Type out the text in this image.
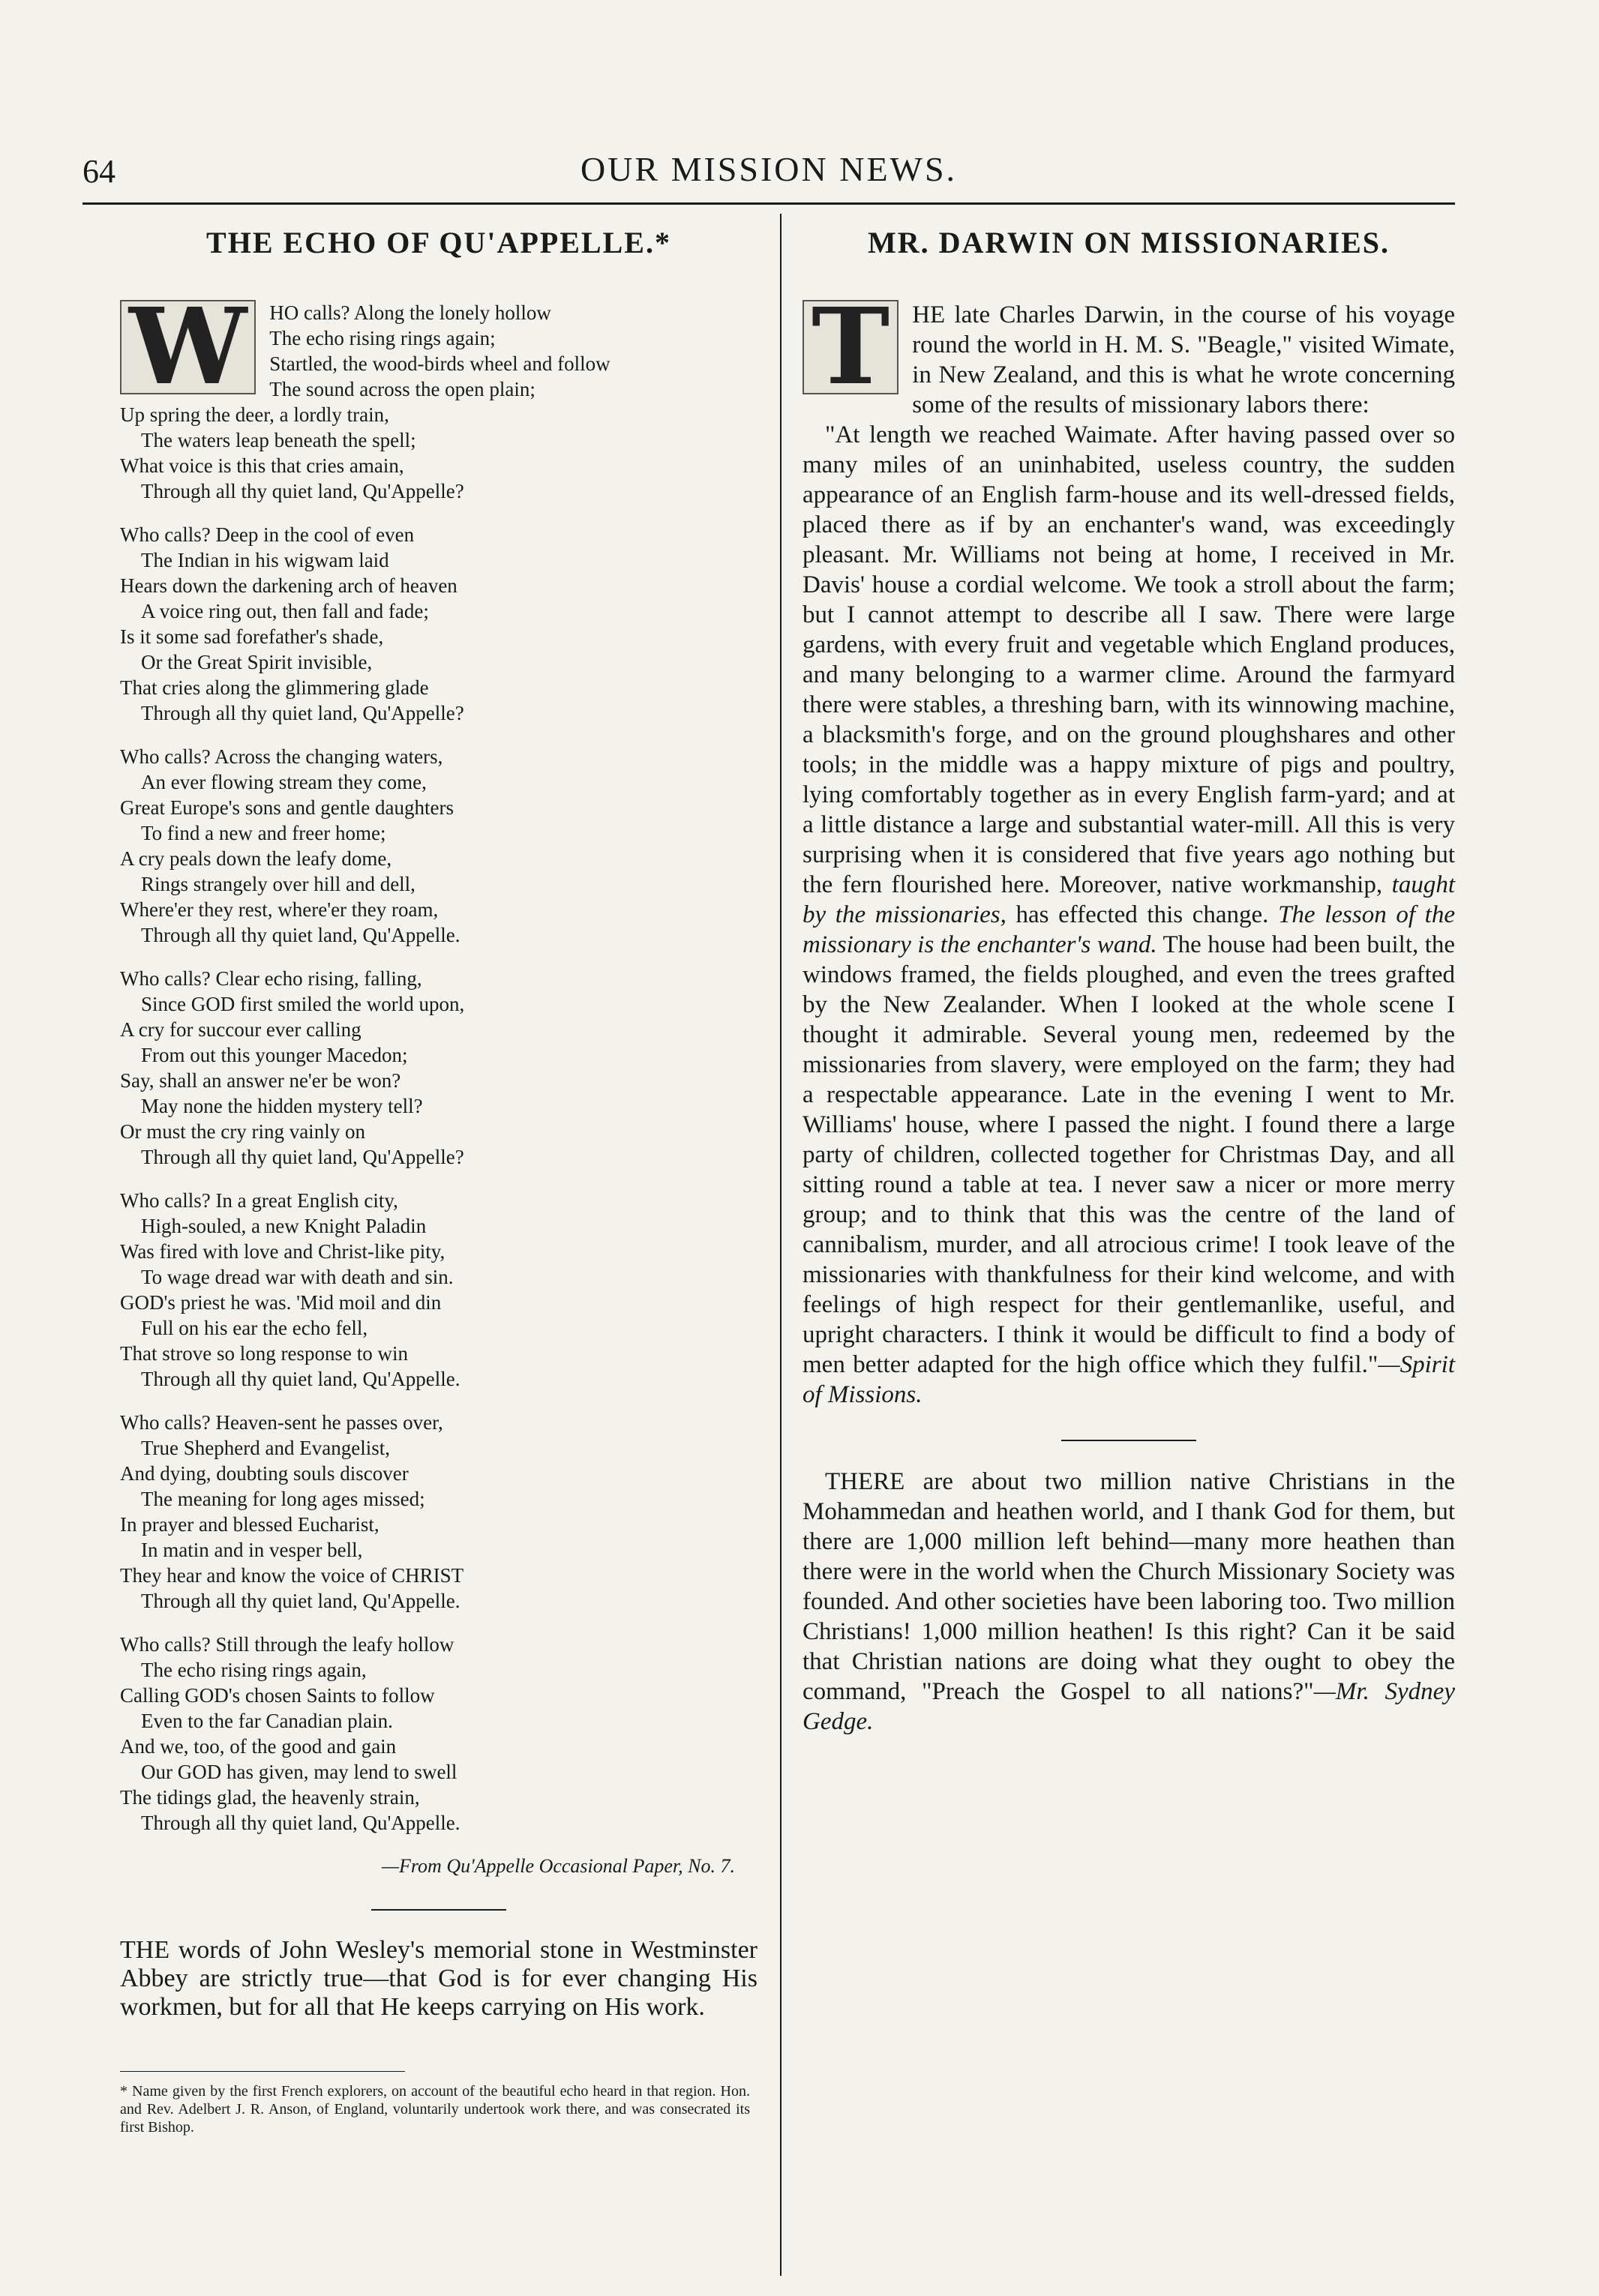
64	OUR MISSION NEWS.
THE ECHO OF QU'APPELLE.*
W	HO calls? Along the lonely hollow
The echo rising rings again;
Startled, the wood-birds wheel and follow
The sound across the open plain;
Up spring the deer, a lordly train,
The waters leap beneath the spell;
What voice is this that cries amain,
Through all thy quiet land, Qu'Appelle?
Who calls? Deep in the cool of even
The Indian in his wigwam laid
Hears down the darkening arch of heaven
A voice ring out, then fall and fade;
Is it some sad forefather's shade,
Or the Great Spirit invisible,
That cries along the glimmering glade
Through all thy quiet land, Qu'Appelle?
Who calls? Across the changing waters,
An ever flowing stream they come,
Great Europe's sons and gentle daughters
To find a new and freer home;
A cry peals down the leafy dome,
Rings strangely over hill and dell,
Where'er they rest, where'er they roam,
Through all thy quiet land, Qu'Appelle.
Who calls? Clear echo rising, falling,
Since GOD first smiled the world upon,
A cry for succour ever calling
From out this younger Macedon;
Say, shall an answer ne'er be won?
May none the hidden mystery tell?
Or must the cry ring vainly on
Through all thy quiet land, Qu'Appelle?
Who calls? In a great English city,
High-souled, a new Knight Paladin
Was fired with love and Christ-like pity,
To wage dread war with death and sin.
GOD's priest he was. 'Mid moil and din
Full on his ear the echo fell,
That strove so long response to win
Through all thy quiet land, Qu'Appelle.
Who calls? Heaven-sent he passes over,
True Shepherd and Evangelist,
And dying, doubting souls discover
The meaning for long ages missed;
In prayer and blessed Eucharist,
In matin and in vesper bell,
They hear and know the voice of CHRIST
Through all thy quiet land, Qu'Appelle.
Who calls? Still through the leafy hollow
The echo rising rings again,
Calling GOD's chosen Saints to follow
Even to the far Canadian plain.
And we, too, of the good and gain
Our GOD has given, may lend to swell
The tidings glad, the heavenly strain,
Through all thy quiet land, Qu'Appelle.
—From Qu'Appelle Occasional Paper, No. 7.

THE words of John Wesley's memorial stone in Westminster Abbey are strictly true—that God is for ever changing His workmen, but for all that He keeps carrying on His work.

* Name given by the first French explorers, on account of the beautiful echo heard in that region. Hon. and Rev. Adelbert J. R. Anson, of England, voluntarily undertook work there, and was consecrated its first Bishop.

MR. DARWIN ON MISSIONARIES.
T HE late Charles Darwin, in the course of his voyage round the world in H. M. S. "Beagle," visited Wimate, in New Zealand, and this is what he wrote concerning some of the results of missionary labors there:

"At length we reached Waimate. After having passed over so many miles of an uninhabited, useless country, the sudden appearance of an English farm-house and its well-dressed fields, placed there as if by an enchanter's wand, was exceedingly pleasant. Mr. Williams not being at home, I received in Mr. Davis' house a cordial welcome. We took a stroll about the farm; but I cannot attempt to describe all I saw. There were large gardens, with every fruit and vegetable which England produces, and many belonging to a warmer clime. Around the farmyard there were stables, a threshing barn, with its winnowing machine, a blacksmith's forge, and on the ground ploughshares and other tools; in the middle was a happy mixture of pigs and poultry, lying comfortably together as in every English farm-yard; and at a little distance a large and substantial water-mill. All this is very surprising when it is considered that five years ago nothing but the fern flourished here. Moreover, native workmanship, taught by the missionaries, has effected this change. The lesson of the missionary is the enchanter's wand. The house had been built, the windows framed, the fields ploughed, and even the trees grafted by the New Zealander. When I looked at the whole scene I thought it admirable. Several young men, redeemed by the missionaries from slavery, were employed on the farm; they had a respectable appearance. Late in the evening I went to Mr. Williams' house, where I passed the night. I found there a large party of children, collected together for Christmas Day, and all sitting round a table at tea. I never saw a nicer or more merry group; and to think that this was the centre of the land of cannibalism, murder, and all atrocious crime! I took leave of the missionaries with thankfulness for their kind welcome, and with feelings of high respect for their gentlemanlike, useful, and upright characters. I think it would be difficult to find a body of men better adapted for the high office which they fulfil."—Spirit of Missions.

THERE are about two million native Christians in the Mohammedan and heathen world, and I thank God for them, but there are 1,000 million left behind—many more heathen than there were in the world when the Church Missionary Society was founded. And other societies have been laboring too. Two million Christians! 1,000 million heathen! Is this right? Can it be said that Christian nations are doing what they ought to obey the command, "Preach the Gospel to all nations?"—Mr. Sydney Gedge.
